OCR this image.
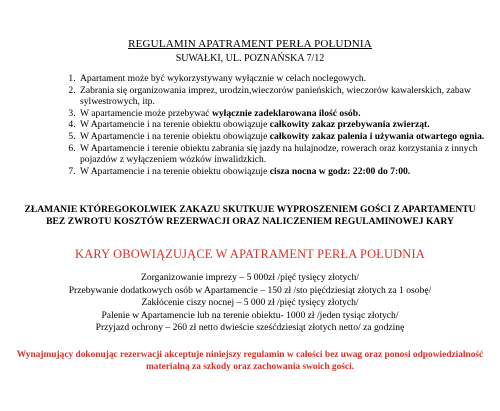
REGULAMIN APATRAMENT PERŁA POŁUDNIA
SUWAŁKI, UL. POZNAŃSKA 7/12
1. Apartament może być wykorzystywany wyłącznie w celach noclegowych.
2. Zabrania się organizowania imprez, urodzin,wieczorów panieńskich, wieczorów kawalerskich, zabaw sylwestrowych, itp.
3. W apartamencie może przebywać wyłącznie zadeklarowana ilość osób.
4. W Apartamencie i na terenie obiektu obowiązuje całkowity zakaz przebywania zwierząt.
5. W Apartamencie i na terenie obiektu obowiązuje całkowity zakaz palenia i używania otwartego ognia.
6. W Apartamencie i terenie obiektu zabrania się jazdy na hulajnodze, rowerach oraz korzystania z innych pojazdów z wyłączeniem wózków inwalidzkich.
7. W Apartamencie i na terenie obiektu obowiązuje cisza nocna w godz: 22:00 do 7:00.
ZŁAMANIE KTÓREGOKOLWIEK ZAKAZU SKUTKUJE WYPROSZENIEM GOŚCI Z APARTAMENTU BEZ ZWROTU KOSZTÓW REZERWACJI ORAZ NALICZENIEM REGULAMINOWEJ KARY
KARY OBOWIĄZUJĄCE W APATRAMENT PERŁA POŁUDNIA
Zorganizowanie imprezy – 5 000zł /pięć tysięcy złotych/
Przebywanie dodatkowych osób w Apartamencie – 150 zł /sto pięćdziesiąt złotych za 1 osobę/
Zakłócenie ciszy nocnej – 5 000 zł /pięć tysięcy złotych/
Palenie w Apartamencie lub na terenie obiektu- 1000 zł /jeden tysiąc złotych/
Przyjazd ochrony – 260 zł netto dwieście sześćdziesiąt złotych netto/ za godzinę
Wynajmujący dokonując rezerwacji akceptuje niniejszy regulamin w całości bez uwag oraz ponosi odpowiedzialność materialną za szkody oraz zachowania swoich gości.
